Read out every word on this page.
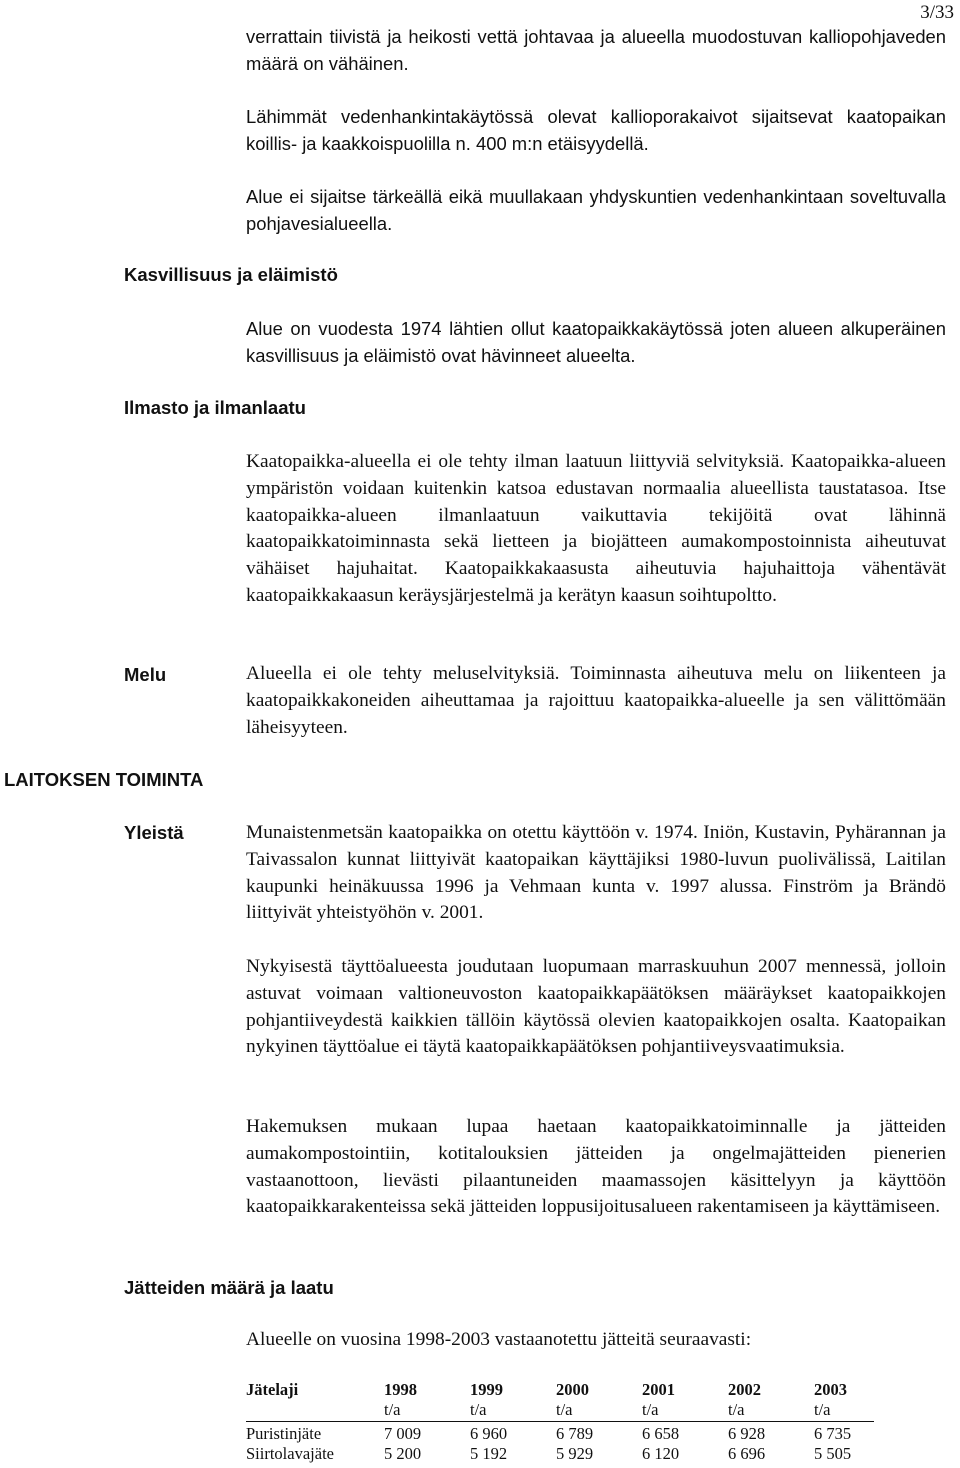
3/33

verrattain tiivistä ja heikosti vettä johtavaa ja alueella muodostuvan kalliopohjaveden määrä on vähäinen.

Lähimmät vedenhankintakäytössä olevat kallioporakaivot sijaitsevat kaatopaikan koillis- ja kaakkoispuolilla n. 400 m:n etäisyydellä.

Alue ei sijaitse tärkeällä eikä muullakaan yhdyskuntien vedenhankintaan soveltuvalla pohjavesialueella.

Kasvillisuus ja eläimistö

Alue on vuodesta 1974 lähtien ollut kaatopaikkakäytössä joten alueen alkuperäinen kasvillisuus ja eläimistö ovat hävinneet alueelta.

Ilmasto ja ilmanlaatu

Kaatopaikka-alueella ei ole tehty ilman laatuun liittyviä selvityksiä. Kaatopaikka-alueen ympäristön voidaan kuitenkin katsoa edustavan normaalia alueellista taustatasoa. Itse kaatopaikka-alueen ilmanlaatuun vaikuttavia tekijöitä ovat lähinnä kaatopaikkatoiminnasta sekä lietteen ja biojätteen aumakompostoinnista aiheutuvat vähäiset hajuhaitat. Kaatopaikkakaasusta aiheutuvia hajuhaittoja vähentävät kaatopaikkakaasun keräysjärjestelmä ja kerätyn kaasun soihtupoltto.

Melu	Alueella ei ole tehty meluselvityksiä. Toiminnasta aiheutuva melu on liikenteen ja kaatopaikkakoneiden aiheuttamaa ja rajoittuu kaatopaikka-alueelle ja sen välittömään läheisyyteen.

LAITOKSEN TOIMINTA
Yleistä	Munaistenmetsän kaatopaikka on otettu käyttöön v. 1974. Iniön, Kustavin, Pyhärannan ja Taivassalon kunnat liittyivät kaatopaikan käyttäjiksi 1980-luvun puolivälissä, Laitilan kaupunki heinäkuussa 1996 ja Vehmaan kunta v. 1997 alussa. Finström ja Brändö liittyivät yhteistyöhön v. 2001.

Nykyisestä täyttöalueesta joudutaan luopumaan marraskuuhun 2007 mennessä, jolloin astuvat voimaan valtioneuvoston kaatopaikkapäätöksen määräykset kaatopaikkojen pohjantiiveydestä kaikkien tällöin käytössä olevien kaatopaikkojen osalta. Kaatopaikan nykyinen täyttöalue ei täytä kaatopaikkapäätöksen pohjantiiveysvaatimuksia.

Hakemuksen mukaan lupaa haetaan kaatopaikkatoiminnalle ja jätteiden aumakompostointiin, kotitalouksien jätteiden ja ongelmajätteiden pienerien vastaanottoon, lievästi pilaantuneiden maamassojen käsittelyyn ja käyttöön kaatopaikkarakenteissa sekä jätteiden loppusijoitusalueen rakentamiseen ja käyttämiseen.

Jätteiden määrä ja laatu

Alueelle on vuosina 1998-2003 vastaanotettu jätteitä seuraavasti:

Jätelaji	1998	1999	2000	2001	2002	2003
	t/a	t/a	t/a	t/a	t/a	t/a
Puristinjäte	7 009	6 960	6 789	6 658	6 928	6 735
Siirtolavajäte	5 200	5 192	5 929	6 120	6 696	5 505
